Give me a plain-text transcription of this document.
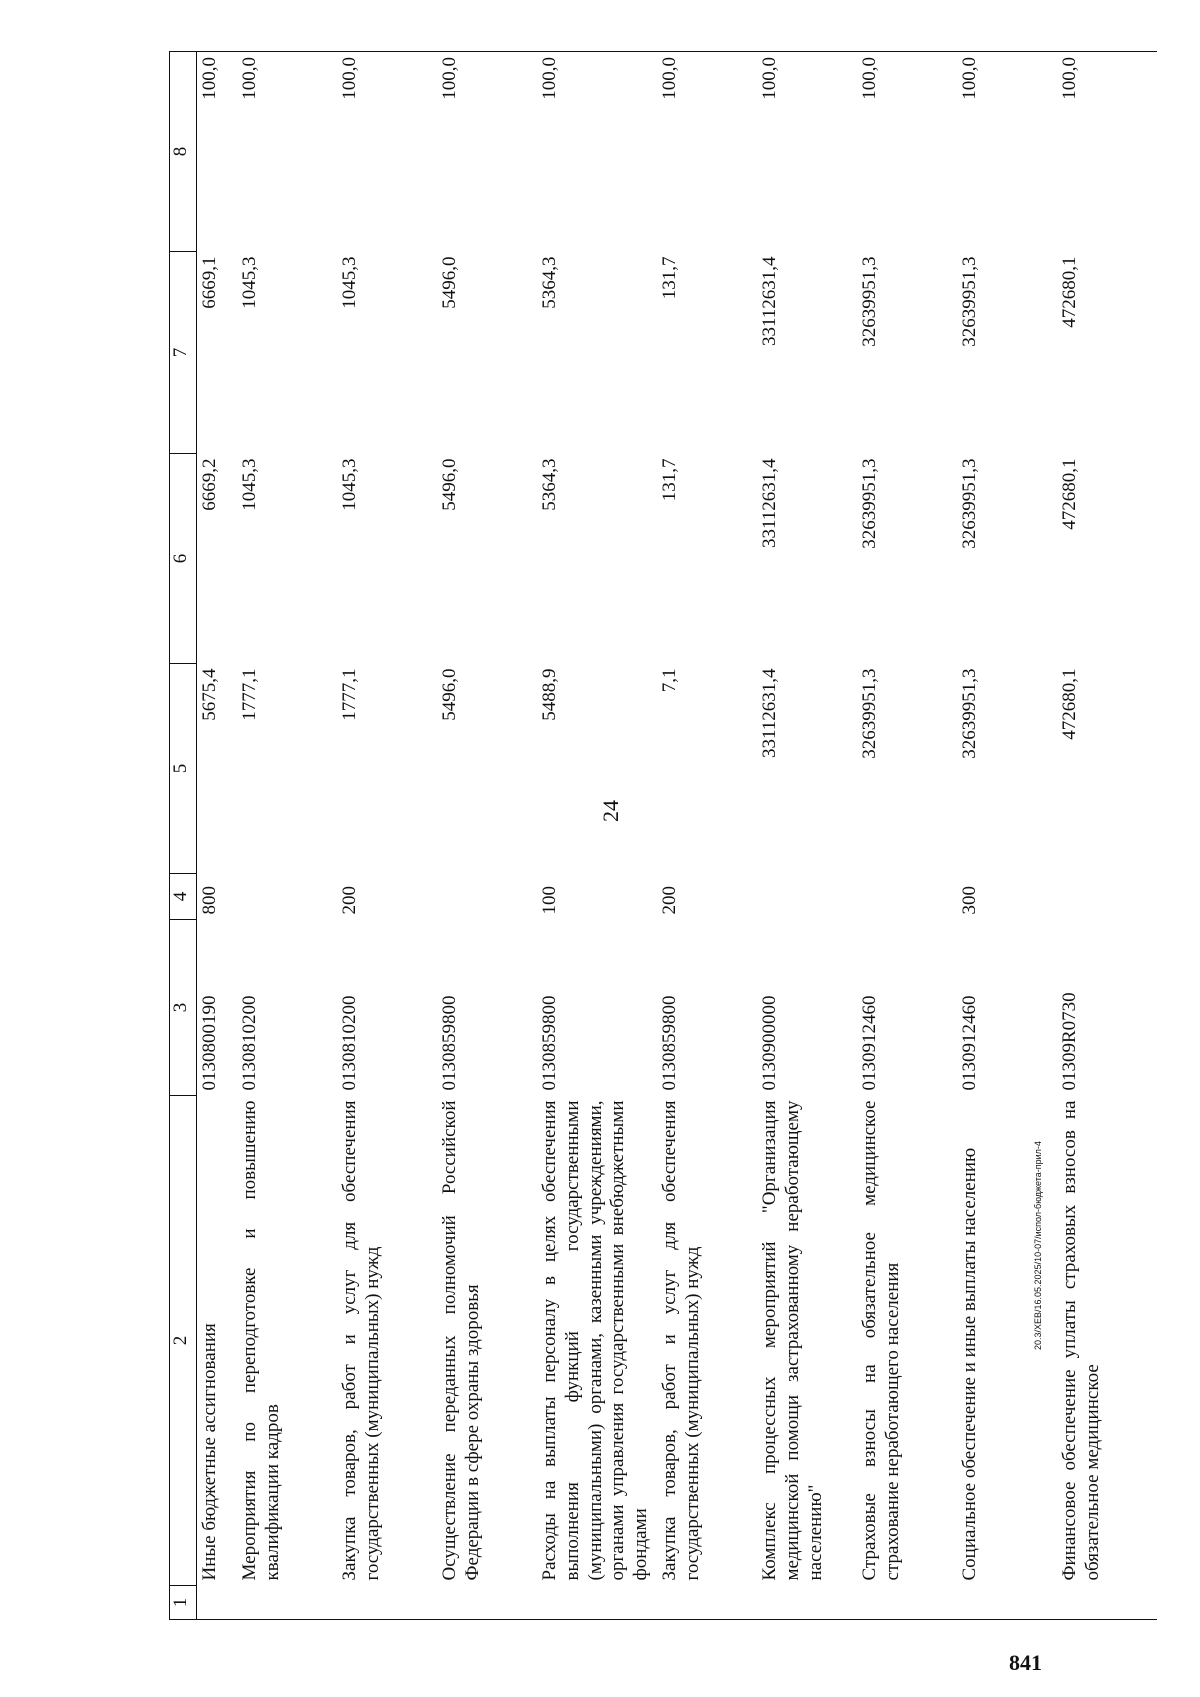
24
1	2	3	4	5	6	7	8
	Иные бюджетные ассигнования	0130800190	800	5675,4	6669,2	6669,1	100,0
	Мероприятия по переподготовке и повышению квалификации кадров	0130810200		1777,1	1045,3	1045,3	100,0
	Закупка товаров, работ и услуг для обеспечения государственных (муниципальных) нужд	0130810200	200	1777,1	1045,3	1045,3	100,0
	Осуществление переданных полномочий Российской Федерации в сфере охраны здоровья	0130859800		5496,0	5496,0	5496,0	100,0
	Расходы на выплаты персоналу в целях обеспечения выполнения функций государственными (муниципальными) органами, казенными учреждениями, органами управления государственными внебюджетными фондами	0130859800	100	5488,9	5364,3	5364,3	100,0
	Закупка товаров, работ и услуг для обеспечения государственных (муниципальных) нужд	0130859800	200	7,1	131,7	131,7	100,0
	Комплекс процессных мероприятий "Организация медицинской помощи застрахованному неработающему населению"	0130900000		33112631,4	33112631,4	33112631,4	100,0
	Страховые взносы на обязательное медицинское страхование неработающего населения	0130912460		32639951,3	32639951,3	32639951,3	100,0
	Социальное обеспечение и иные выплаты населению	0130912460	300	32639951,3	32639951,3	32639951,3	100,0
	Финансовое обеспечение уплаты страховых взносов на обязательное медицинское	01309R0730		472680,1	472680,1	472680,1	100,0
20.3/XEB/16.05.2025/10-07/испол-бюджета-прил-4
841
